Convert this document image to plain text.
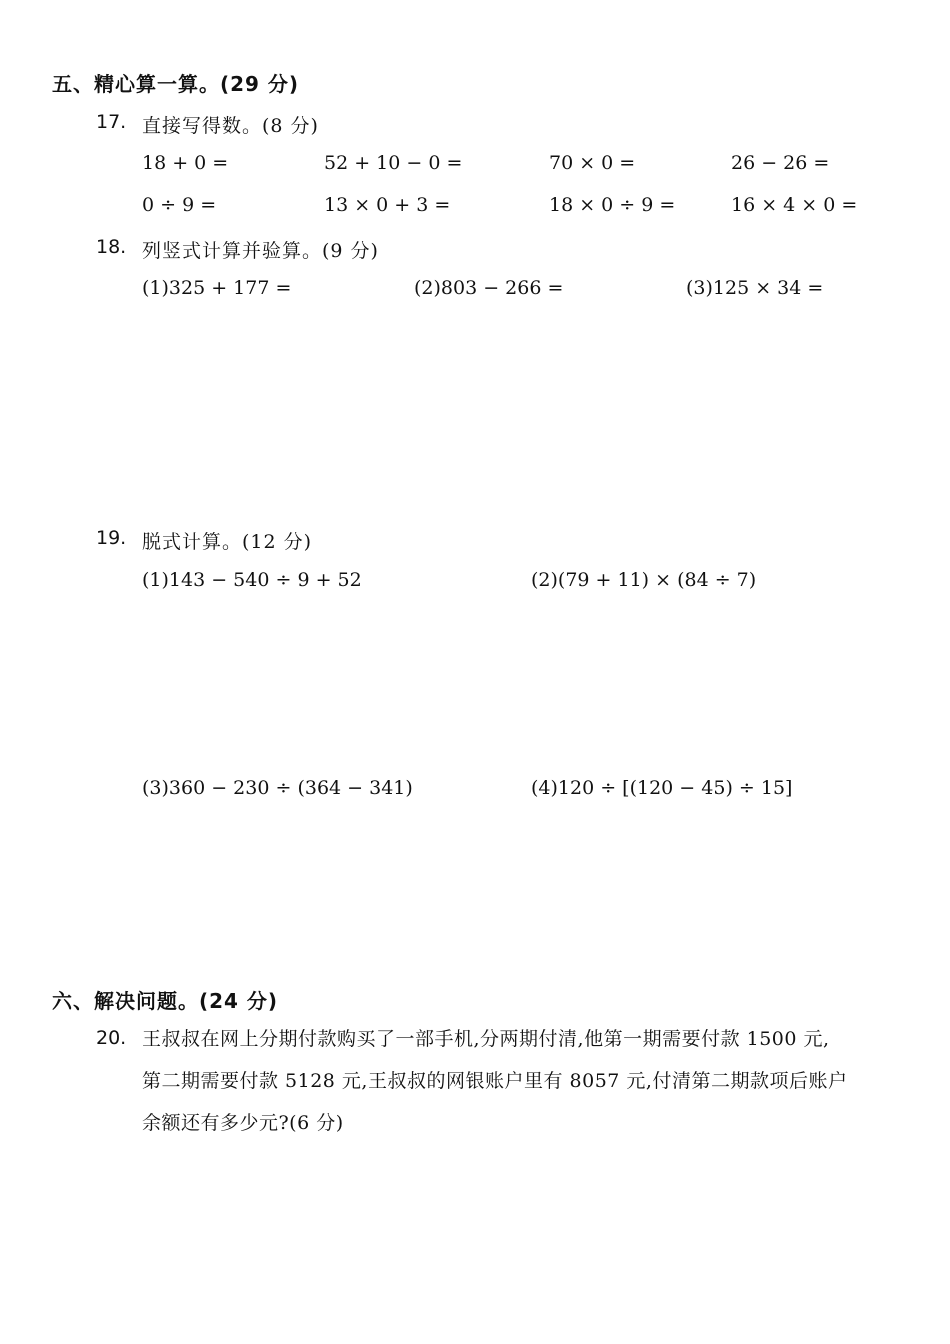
五、精心算一算。(29 分)
17. 直接写得数。(8 分)
18 + 0 =	52 + 10 − 0 =	70 × 0 =	26 − 26 =
0 ÷ 9 =	13 × 0 + 3 =	18 × 0 ÷ 9 =	16 × 4 × 0 =
18. 列竖式计算并验算。(9 分)
(1)325 + 177 =	(2)803 − 266 =	(3)125 × 34 =
19. 脱式计算。(12 分)
(1)143 − 540 ÷ 9 + 52	(2)(79 + 11) × (84 ÷ 7)
(3)360 − 230 ÷ (364 − 341)	(4)120 ÷ [(120 − 45) ÷ 15]
六、解决问题。(24 分)
20. 王叔叔在网上分期付款购买了一部手机,分两期付清,他第一期需要付款 1500 元,
第二期需要付款 5128 元,王叔叔的网银账户里有 8057 元,付清第二期款项后账户
余额还有多少元?(6 分)
